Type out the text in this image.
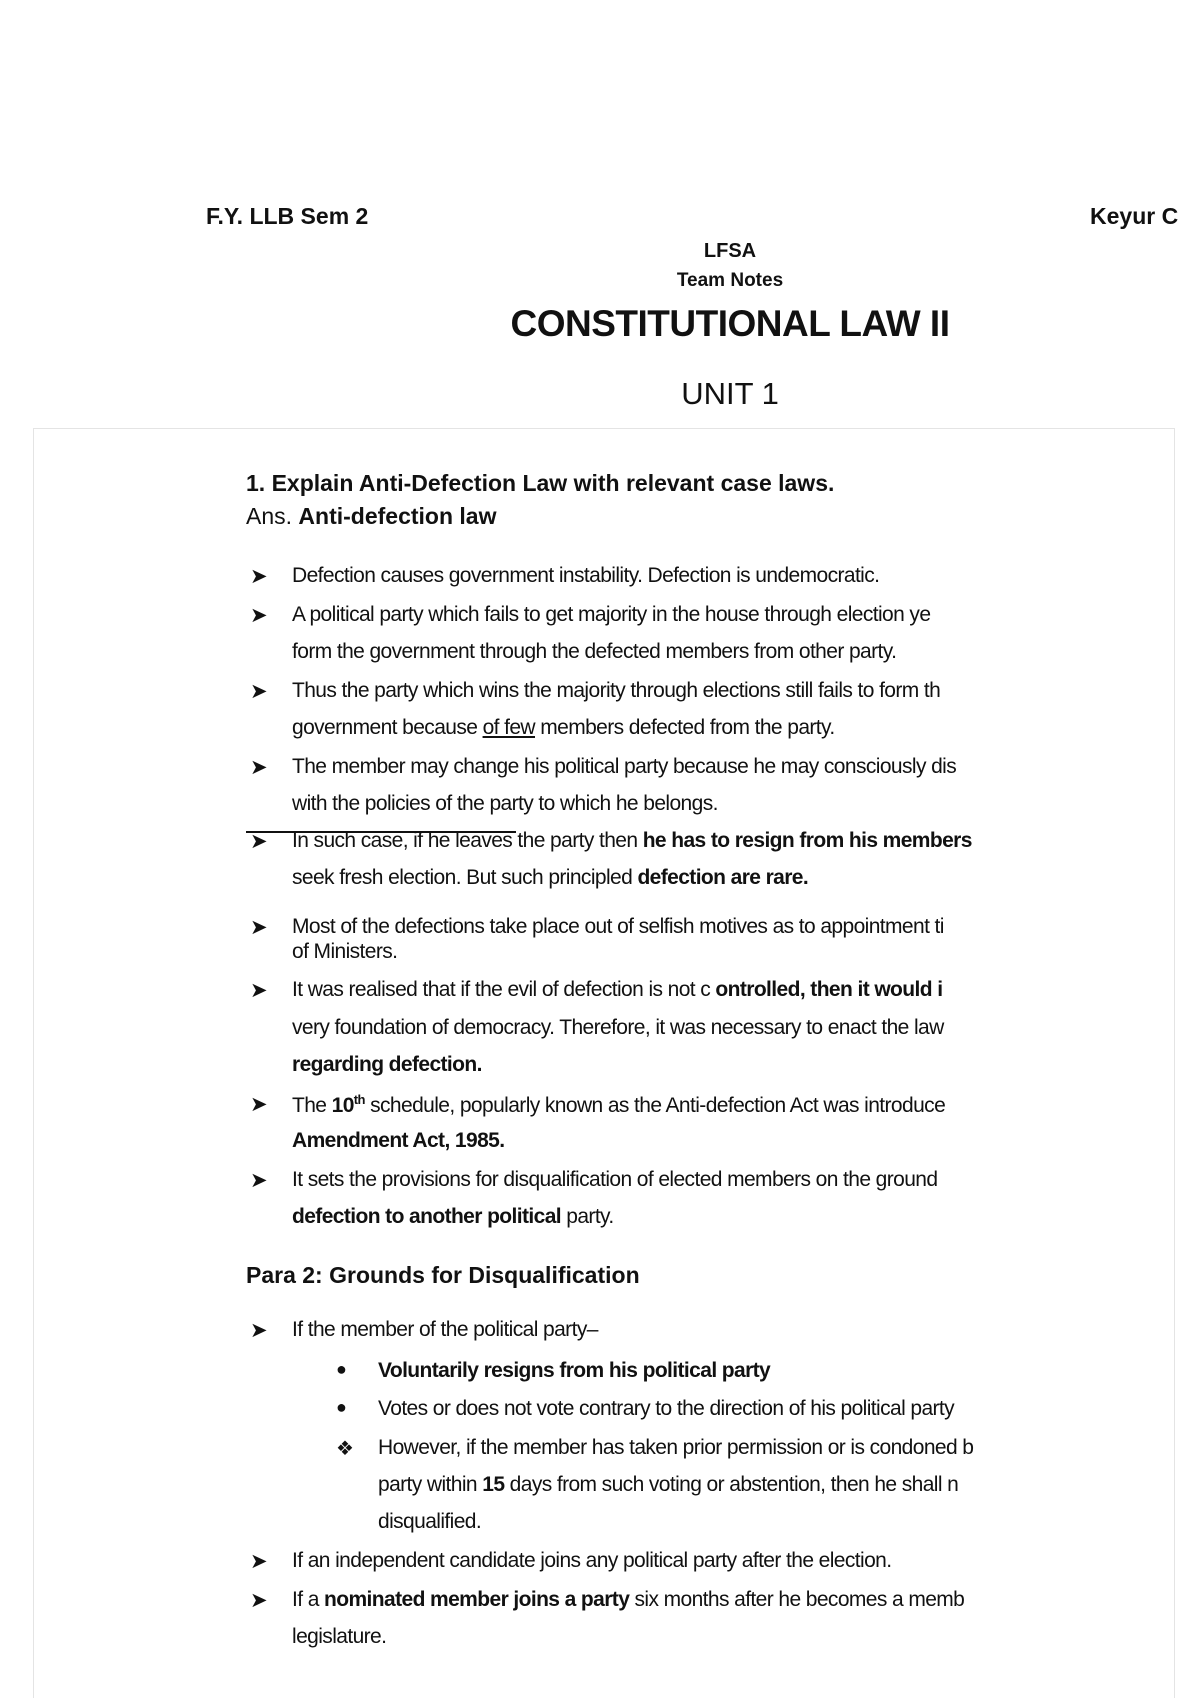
F.Y. LLB Sem 2	Keyur C
LFSA
Team Notes
CONSTITUTIONAL LAW II
UNIT 1
1. Explain Anti-Defection Law with relevant case laws.
Ans. Anti-defection law
➤ Defection causes government instability. Defection is undemocratic.
➤ A political party which fails to get majority in the house through election ye
form the government through the defected members from other party.
➤ Thus the party which wins the majority through elections still fails to form th
government because of few members defected from the party.
➤ The member may change his political party because he may consciously dis
with the policies of the party to which he belongs.
➤ In such case, if he leaves the party then he has to resign from his members
seek fresh election. But such principled defection are rare.
➤ Most of the defections take place out of selfish motives as to appointment ti
of Ministers.
➤ It was realised that if the evil of defection is not c ontrolled, then it would i
very foundation of democracy. Therefore, it was necessary to enact the law
regarding defection.
➤ The 10th schedule, popularly known as the Anti-defection Act was introduce
Amendment Act, 1985.
➤ It sets the provisions for disqualification of elected members on the ground
defection to another political party.
Para 2: Grounds for Disqualification
➤ If the member of the political party–
● Voluntarily resigns from his political party
● Votes or does not vote contrary to the direction of his political party
❖ However, if the member has taken prior permission or is condoned b
party within 15 days from such voting or abstention, then he shall n
disqualified.
➤ If an independent candidate joins any political party after the election.
➤ If a nominated member joins a party six months after he becomes a memb
legislature.
